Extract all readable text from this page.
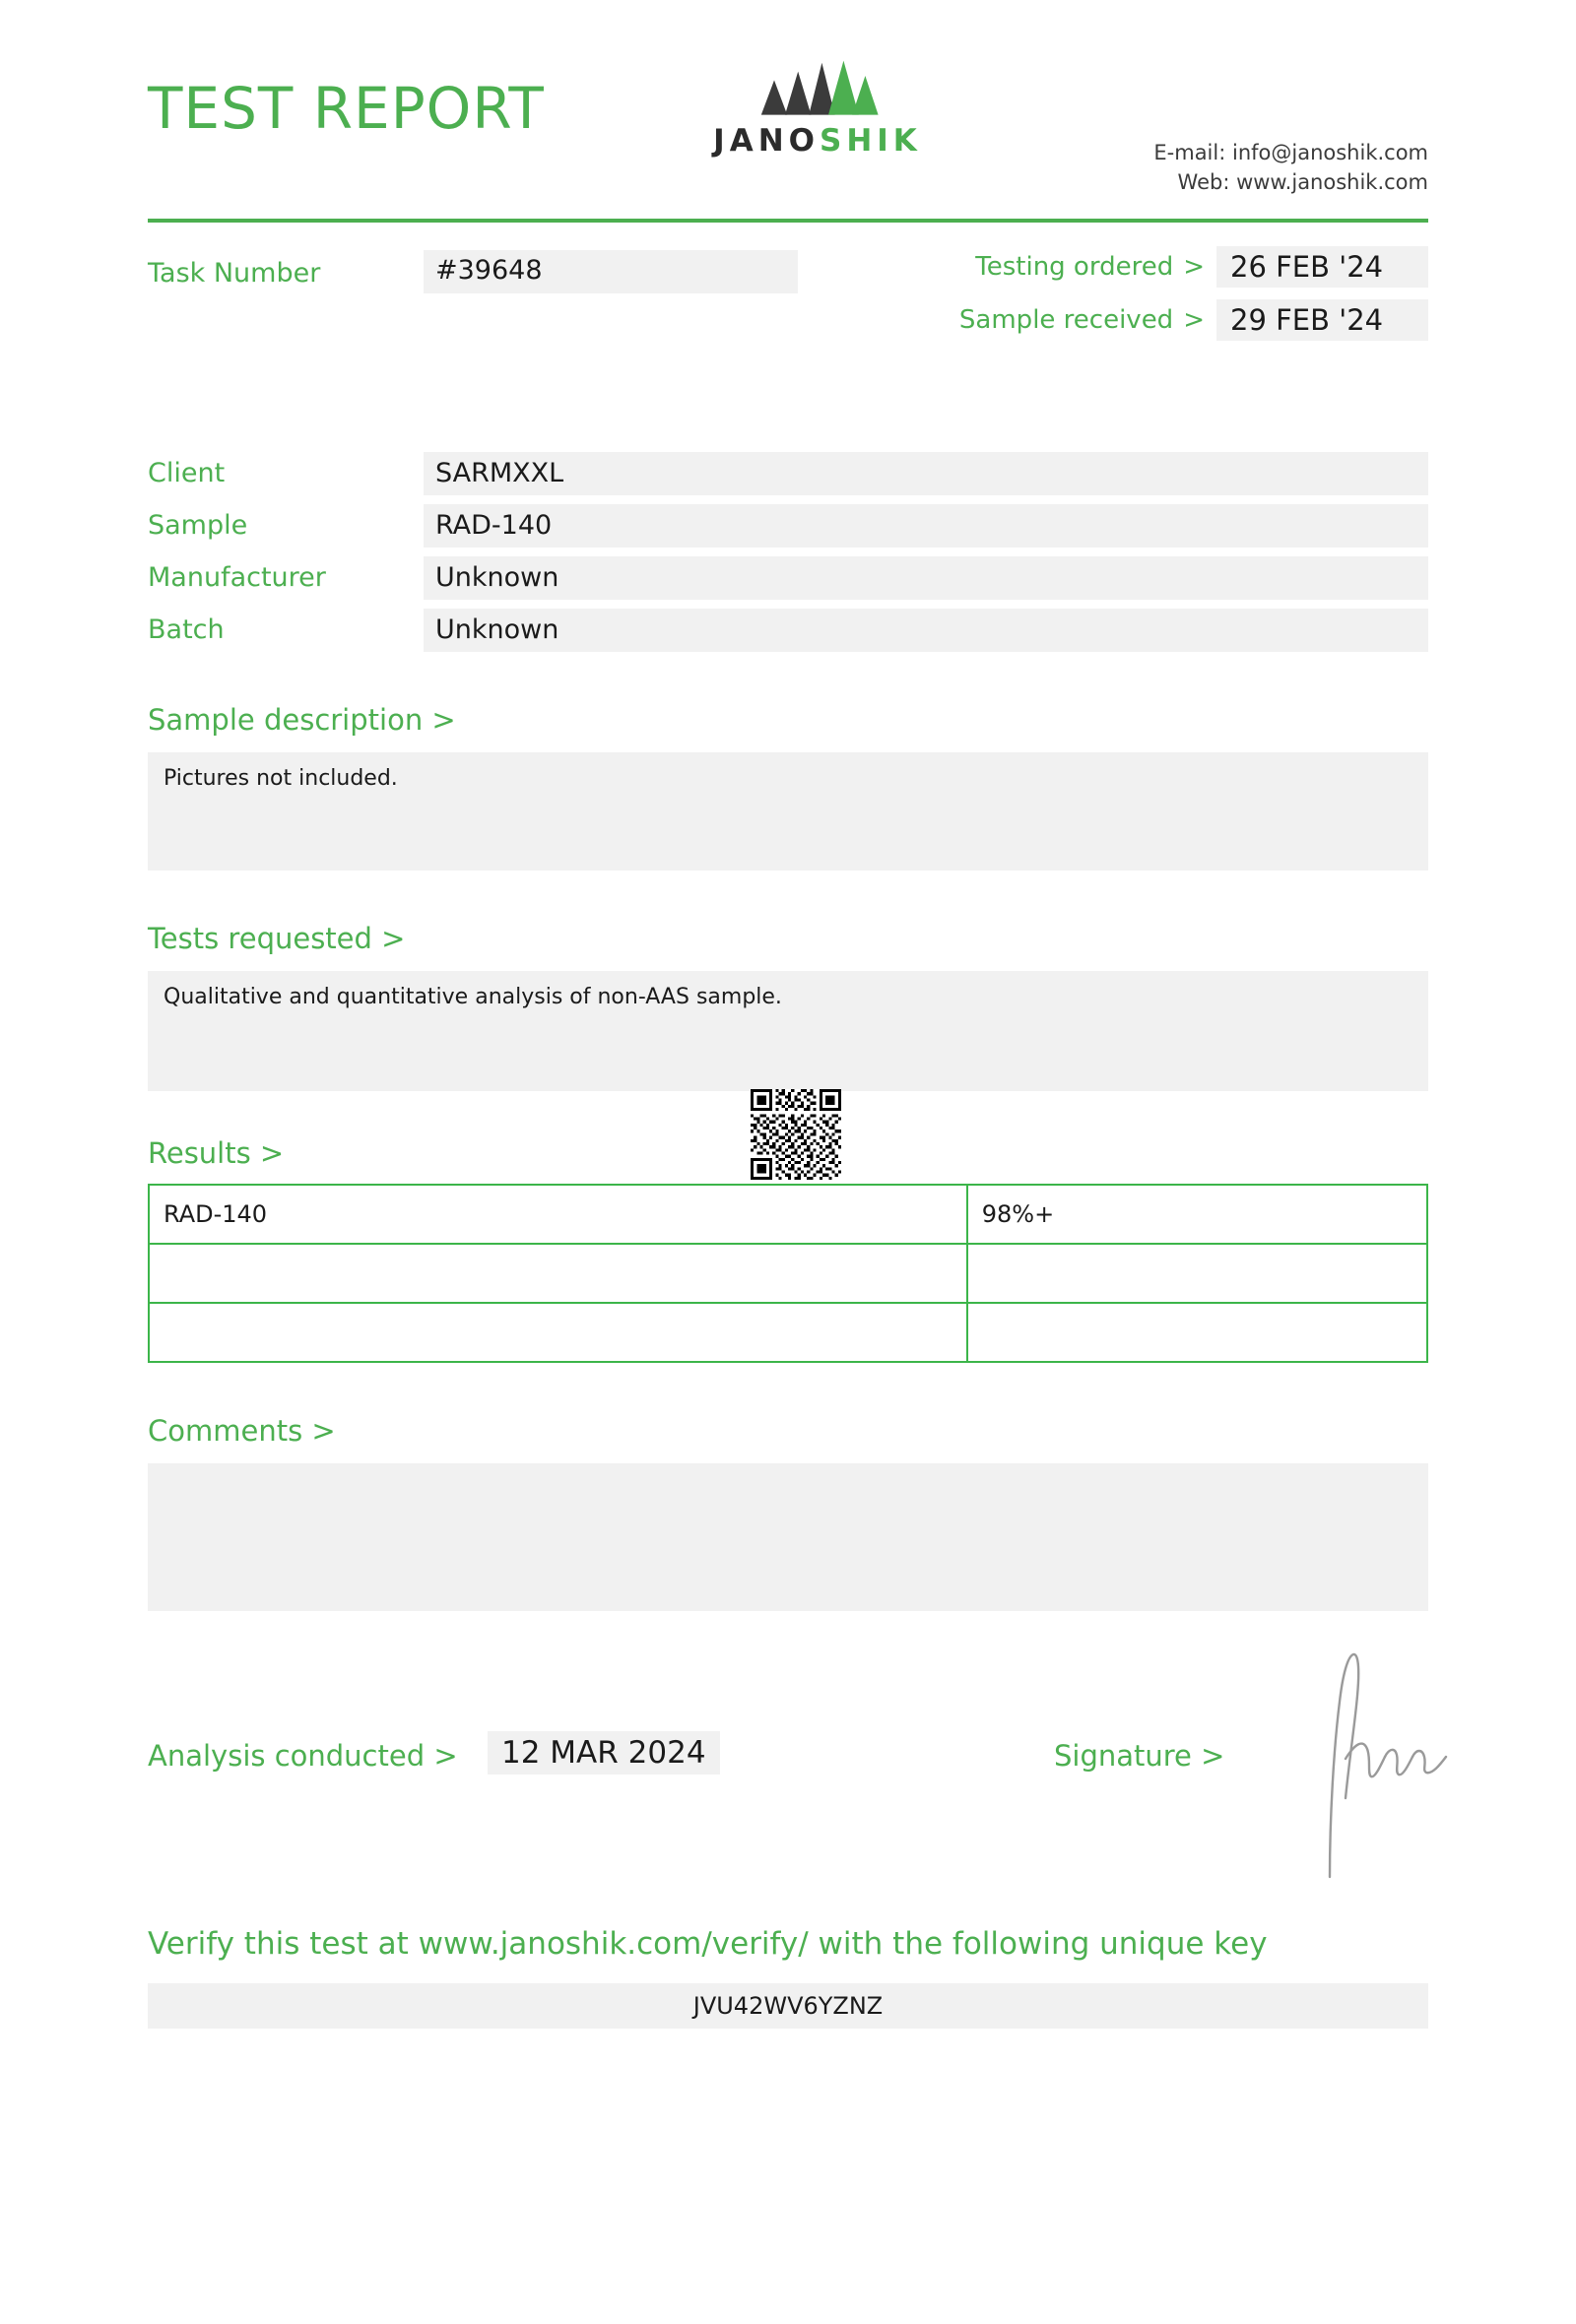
TEST REPORT	JANOSHIK	E-mail: info@janoshik.com
Web: www.janoshik.com
Task Number	#39648	Testing ordered > 26 FEB '24
Sample received > 29 FEB '24
Client	SARMXXL
Sample	RAD-140
Manufacturer	Unknown
Batch	Unknown
Sample description >
Pictures not included.
Tests requested >
Qualitative and quantitative analysis of non-AAS sample.
Results >
RAD-140	98%+

Comments >
Analysis conducted >	12 MAR 2024	Signature >
Verify this test at www.janoshik.com/verify/ with the following unique key
JVU42WV6YZNZ
